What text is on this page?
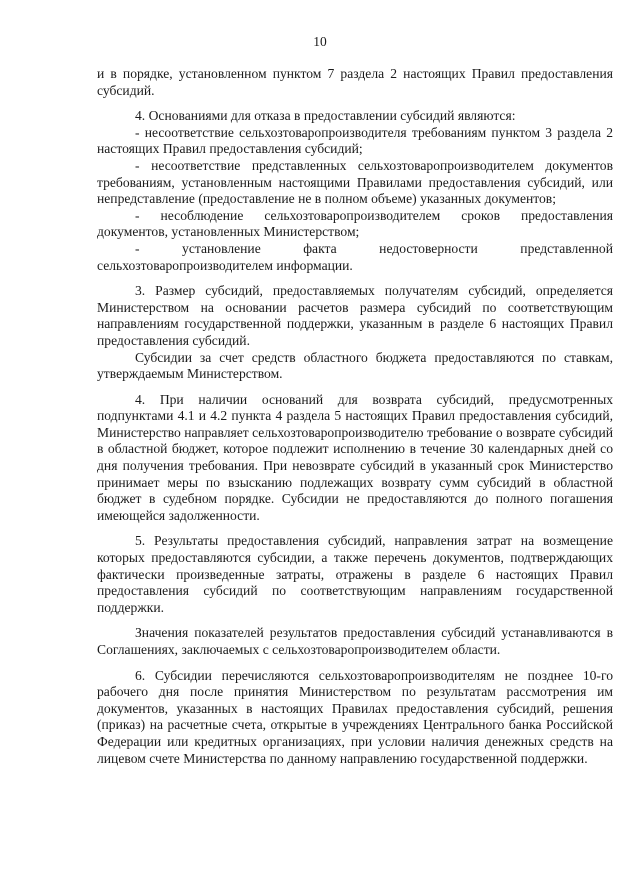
10

и в порядке, установленном пунктом 7 раздела 2 настоящих Правил предоставления субсидий.

4. Основаниями для отказа в предоставлении субсидий являются:

- несоответствие сельхозтоваропроизводителя требованиям пунктом 3 раздела 2 настоящих Правил предоставления субсидий;

- несоответствие представленных сельхозтоваропроизводителем документов требованиям, установленным настоящими Правилами предоставления субсидий, или непредставление (предоставление не в полном объеме) указанных документов;

- несоблюдение сельхозтоваропроизводителем сроков предоставления документов, установленных Министерством;

- установление факта недостоверности представленной сельхозтоваропроизводителем информации.

3. Размер субсидий, предоставляемых получателям субсидий, определяется Министерством на основании расчетов размера субсидий по соответствующим направлениям государственной поддержки, указанным в разделе 6 настоящих Правил предоставления субсидий.

Субсидии за счет средств областного бюджета предоставляются по ставкам, утверждаемым Министерством.

4. При наличии оснований для возврата субсидий, предусмотренных подпунктами 4.1 и 4.2 пункта 4 раздела 5 настоящих Правил предоставления субсидий, Министерство направляет сельхозтоваропроизводителю требование о возврате субсидий в областной бюджет, которое подлежит исполнению в течение 30 календарных дней со дня получения требования. При невозврате субсидий в указанный срок Министерство принимает меры по взысканию подлежащих возврату сумм субсидий в областной бюджет в судебном порядке. Субсидии не предоставляются до полного погашения имеющейся задолженности.

5. Результаты предоставления субсидий, направления затрат на возмещение которых предоставляются субсидии, а также перечень документов, подтверждающих фактически произведенные затраты, отражены в разделе 6 настоящих Правил предоставления субсидий по соответствующим направлениям государственной поддержки.

Значения показателей результатов предоставления субсидий устанавливаются в Соглашениях, заключаемых с сельхозтоваропроизводителем области.

6. Субсидии перечисляются сельхозтоваропроизводителям не позднее 10-го рабочего дня после принятия Министерством по результатам рассмотрения им документов, указанных в настоящих Правилах предоставления субсидий, решения (приказ) на расчетные счета, открытые в учреждениях Центрального банка Российской Федерации или кредитных организациях, при условии наличия денежных средств на лицевом счете Министерства по данному направлению государственной поддержки.
